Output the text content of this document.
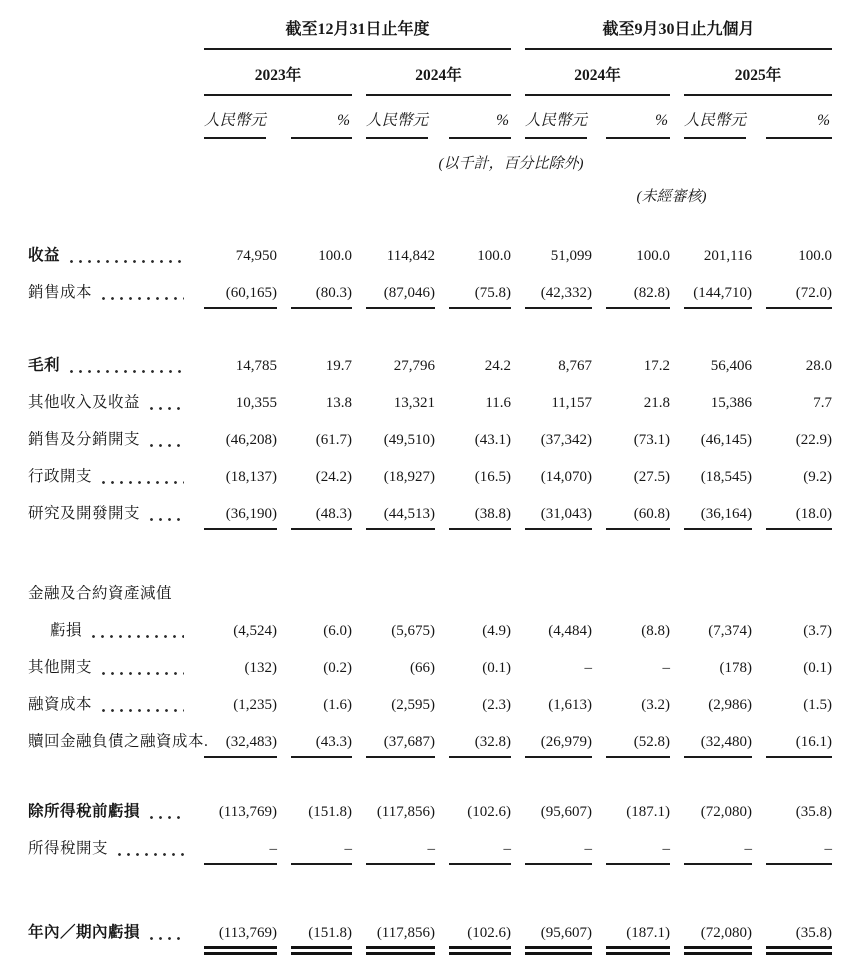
	截至12月31日止年度				截至9月30日止九個月			

	2023年		2024年		2024年		2025年	

	人民幣元	%	人民幣元	%	人民幣元	%	人民幣元	%

	(以千計，百分比除外)							
					(未經審核)			

收益	74,950	100.0	114,842	100.0	51,099	100.0	201,116	100.0

銷售成本	(60,165)	(80.3)	(87,046)	(75.8)	(42,332)	(82.8)	(144,710)	(72.0)

毛利	14,785	19.7	27,796	24.2	8,767	17.2	56,406	28.0

其他收入及收益	10,355	13.8	13,321	11.6	11,157	21.8	15,386	7.7

銷售及分銷開支	(46,208)	(61.7)	(49,510)	(43.1)	(37,342)	(73.1)	(46,145)	(22.9)

行政開支	(18,137)	(24.2)	(18,927)	(16.5)	(14,070)	(27.5)	(18,545)	(9.2)

研究及開發開支	(36,190)	(48.3)	(44,513)	(38.8)	(31,043)	(60.8)	(36,164)	(18.0)

金融及合約資產減值								

虧損	(4,524)	(6.0)	(5,675)	(4.9)	(4,484)	(8.8)	(7,374)	(3.7)

其他開支	(132)	(0.2)	(66)	(0.1)	–	–	(178)	(0.1)

融資成本	(1,235)	(1.6)	(2,595)	(2.3)	(1,613)	(3.2)	(2,986)	(1.5)

贖回金融負債之融資成本.	(32,483)	(43.3)	(37,687)	(32.8)	(26,979)	(52.8)	(32,480)	(16.1)

除所得稅前虧損	(113,769)	(151.8)	(117,856)	(102.6)	(95,607)	(187.1)	(72,080)	(35.8)

所得稅開支	–	–	–	–	–	–	–	–

年內／期內虧損	(113,769)	(151.8)	(117,856)	(102.6)	(95,607)	(187.1)	(72,080)	(35.8)
